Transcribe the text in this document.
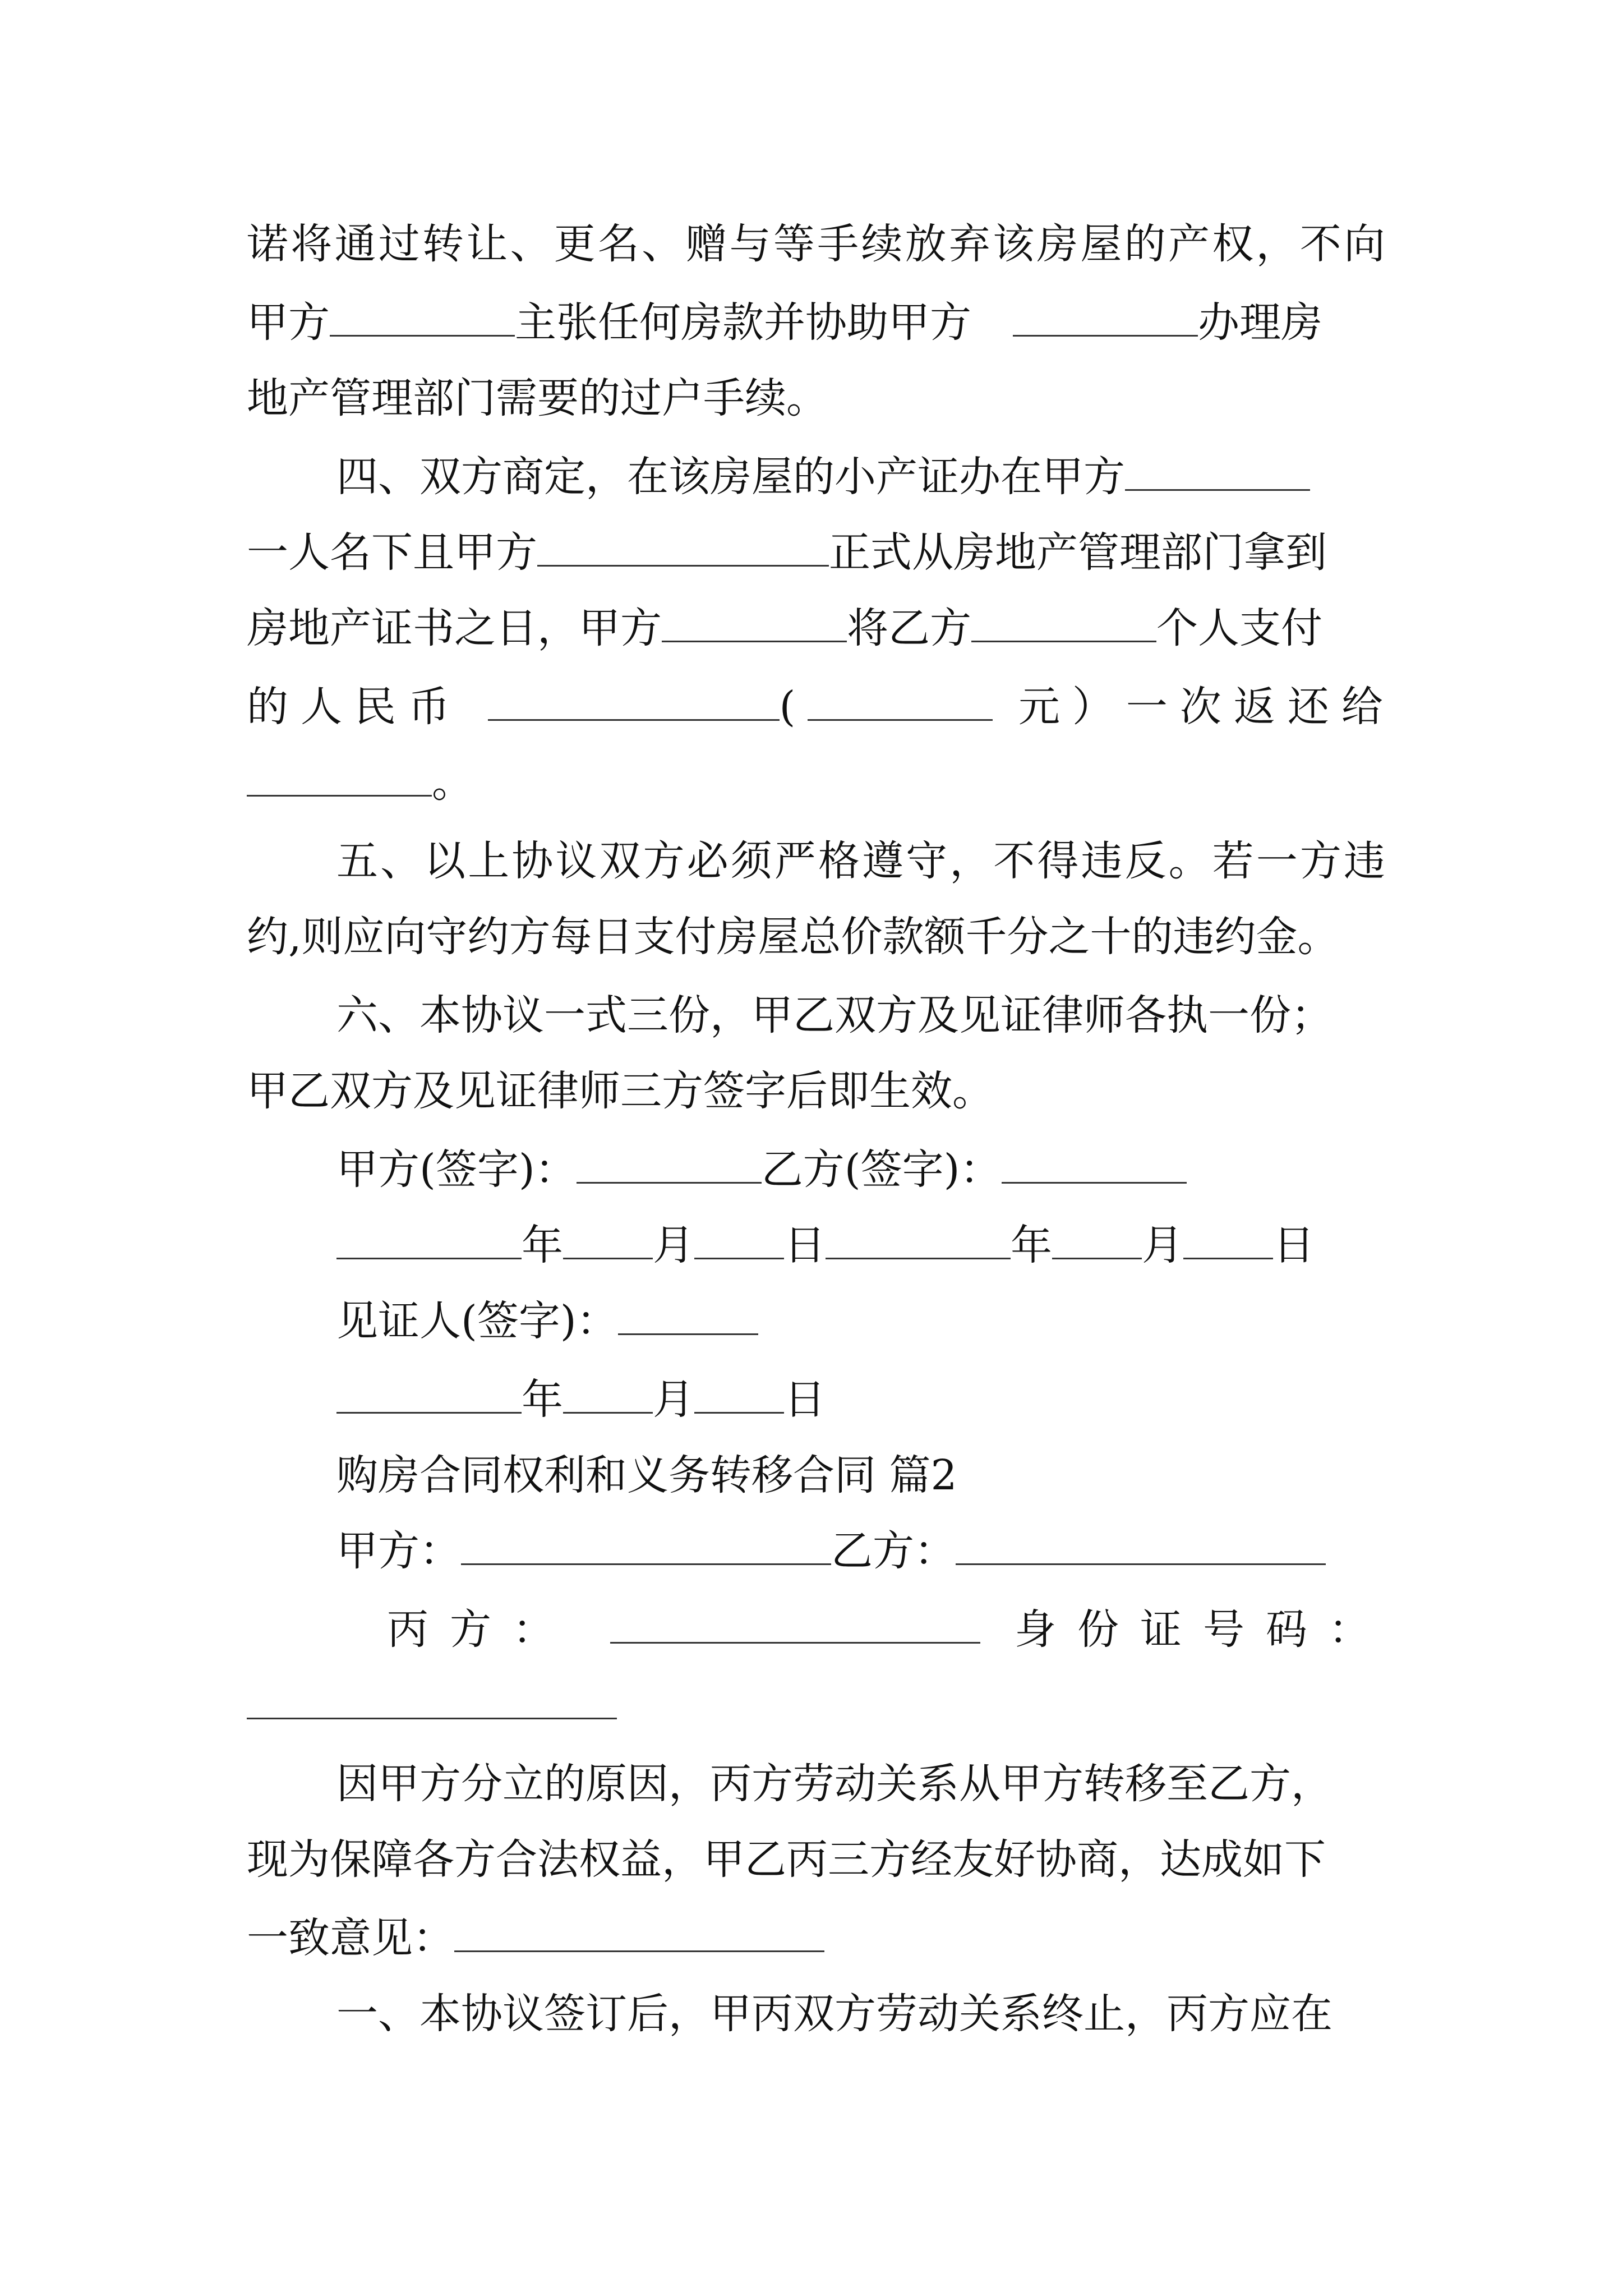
诺将通过转让、更名、赠与等手续放弃该房屋的产权，不向
甲方	主张任何房款并协助甲方　	办理房
地产管理部门需要的过户手续。
四、双方商定，在该房屋的小产证办在甲方
一人名下且甲方	正式从房地产管理部门拿到
房地产证书之日，甲方	将乙方	个人支付
的人民币	(	元）一次返还给
。
五、以上协议双方必须严格遵守，不得违反。若一方违
约,则应向守约方每日支付房屋总价款额千分之十的违约金。
六、本协议一式三份，甲乙双方及见证律师各执一份；
甲乙双方及见证律师三方签字后即生效。
甲方(签字)：	乙方(签字)：
年 月 日	年 月 日
见证人(签字)：
年 月 日
购房合同权利和义务转移合同 篇2
甲方：	乙方：
丙方：	身份证号码：
因甲方分立的原因，丙方劳动关系从甲方转移至乙方，
现为保障各方合法权益，甲乙丙三方经友好协商，达成如下
一致意见：
一、本协议签订后，甲丙双方劳动关系终止，丙方应在
